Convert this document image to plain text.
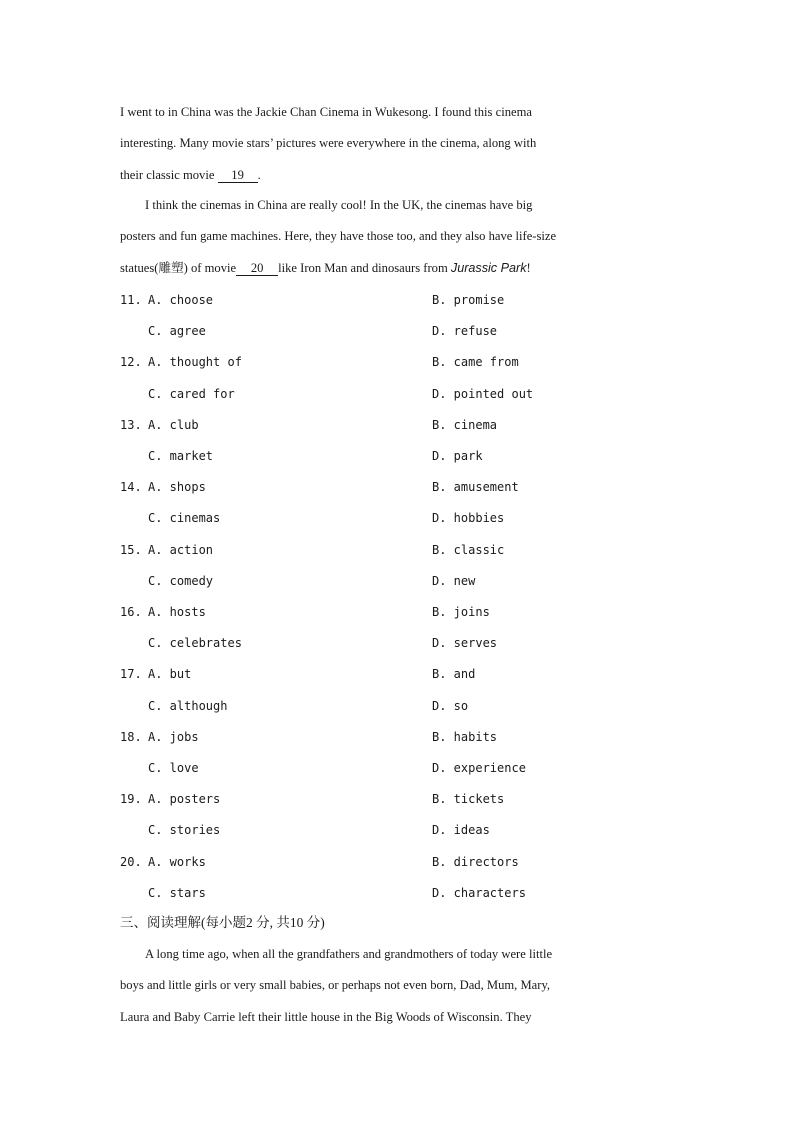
I went to in China was the Jackie Chan Cinema in Wukesong. I found this cinema
interesting. Many movie stars’ pictures were everywhere in the cinema, along with
their classic movie 19 .
I think the cinemas in China are really cool! In the UK, the cinemas have big
posters and fun game machines. Here, they have those too, and they also have life-size
statues(雕塑) of movie 20 like Iron Man and dinosaurs from Jurassic Park!
11. A. choose	B. promise
C. agree	D. refuse
12. A. thought of	B. came from
C. cared for	D. pointed out
13. A. club	B. cinema
C. market	D. park
14. A. shops	B. amusement
C. cinemas	D. hobbies
15. A. action	B. classic
C. comedy	D. new
16. A. hosts	B. joins
C. celebrates	D. serves
17. A. but	B. and
C. although	D. so
18. A. jobs	B. habits
C. love	D. experience
19. A. posters	B. tickets
C. stories	D. ideas
20. A. works	B. directors
C. stars	D. characters
三、阅读理解(每小题2 分, 共10 分)
A long time ago, when all the grandfathers and grandmothers of today were little
boys and little girls or very small babies, or perhaps not even born, Dad, Mum, Mary,
Laura and Baby Carrie left their little house in the Big Woods of Wisconsin. They
